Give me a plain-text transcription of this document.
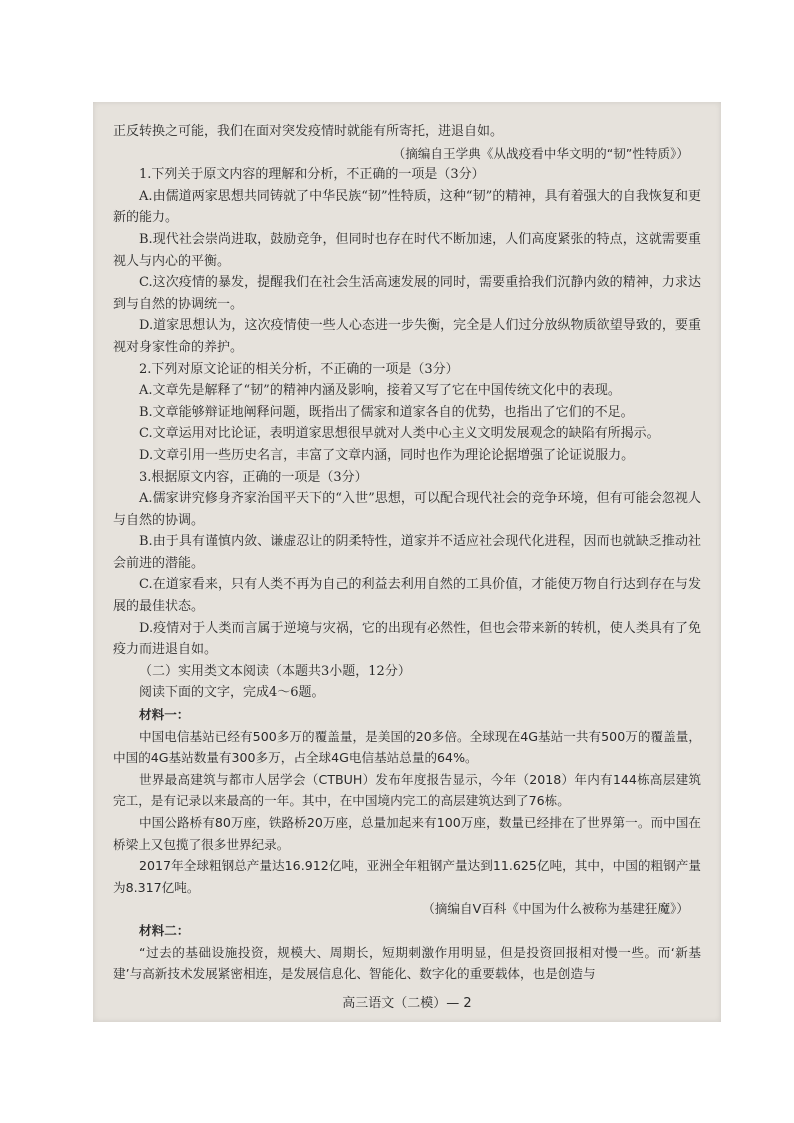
正反转换之可能，我们在面对突发疫情时就能有所寄托，进退自如。

（摘编自王学典《从战疫看中华文明的“韧”性特质》）

1.下列关于原文内容的理解和分析，不正确的一项是（3分）

A.由儒道两家思想共同铸就了中华民族“韧”性特质，这种“韧”的精神，具有着强大的自我恢复和更新的能力。

B.现代社会崇尚进取，鼓励竞争，但同时也存在时代不断加速，人们高度紧张的特点，这就需要重视人与内心的平衡。

C.这次疫情的暴发，提醒我们在社会生活高速发展的同时，需要重拾我们沉静内敛的精神，力求达到与自然的协调统一。

D.道家思想认为，这次疫情使一些人心态进一步失衡，完全是人们过分放纵物质欲望导致的，要重视对身家性命的养护。

2.下列对原文论证的相关分析，不正确的一项是（3分）

A.文章先是解释了“韧”的精神内涵及影响，接着又写了它在中国传统文化中的表现。

B.文章能够辩证地阐释问题，既指出了儒家和道家各自的优势，也指出了它们的不足。

C.文章运用对比论证，表明道家思想很早就对人类中心主义文明发展观念的缺陷有所揭示。

D.文章引用一些历史名言，丰富了文章内涵，同时也作为理论论据增强了论证说服力。

3.根据原文内容，正确的一项是（3分）

A.儒家讲究修身齐家治国平天下的“入世”思想，可以配合现代社会的竞争环境，但有可能会忽视人与自然的协调。

B.由于具有谨慎内敛、谦虚忍让的阴柔特性，道家并不适应社会现代化进程，因而也就缺乏推动社会前进的潜能。

C.在道家看来，只有人类不再为自己的利益去利用自然的工具价值，才能使万物自行达到存在与发展的最佳状态。

D.疫情对于人类而言属于逆境与灾祸，它的出现有必然性，但也会带来新的转机，使人类具有了免疫力而进退自如。

（二）实用类文本阅读（本题共3小题，12分）

阅读下面的文字，完成4～6题。

材料一：

中国电信基站已经有500多万的覆盖量，是美国的20多倍。全球现在4G基站一共有500万的覆盖量，中国的4G基站数量有300多万，占全球4G电信基站总量的64%。

世界最高建筑与都市人居学会（CTBUH）发布年度报告显示，今年（2018）年内有144栋高层建筑完工，是有记录以来最高的一年。其中，在中国境内完工的高层建筑达到了76栋。

中国公路桥有80万座，铁路桥20万座，总量加起来有100万座，数量已经排在了世界第一。而中国在桥梁上又包揽了很多世界纪录。

2017年全球粗钢总产量达16.912亿吨，亚洲全年粗钢产量达到11.625亿吨，其中，中国的粗钢产量为8.317亿吨。

（摘编自V百科《中国为什么被称为基建狂魔》）

材料二：

“过去的基础设施投资，规模大、周期长，短期刺激作用明显，但是投资回报相对慢一些。而‘新基建’与高新技术发展紧密相连，是发展信息化、智能化、数字化的重要载体，也是创造与

高三语文（二模）— 2
